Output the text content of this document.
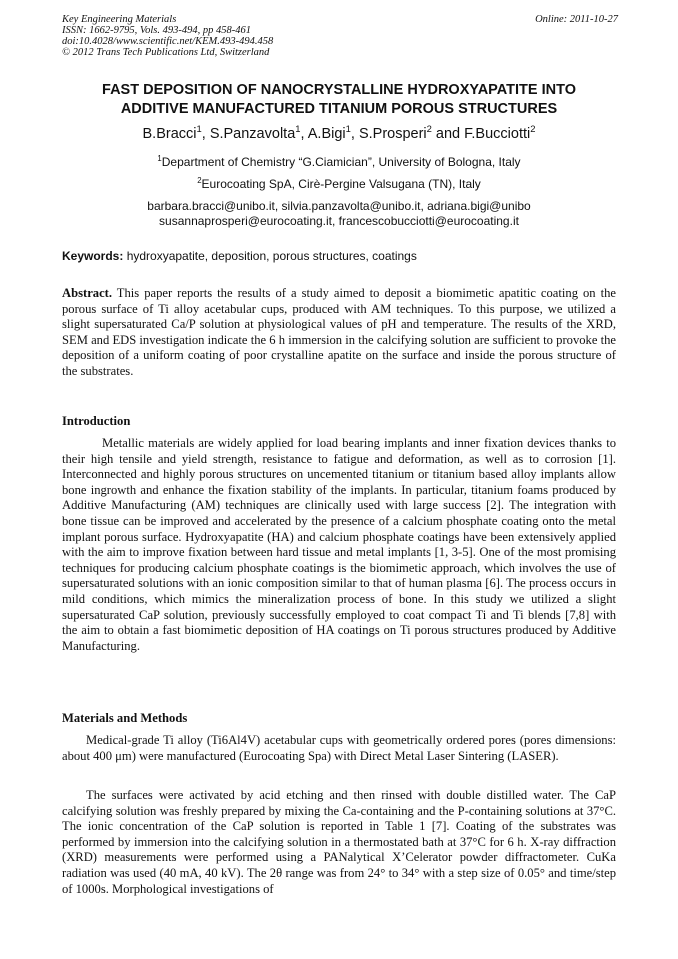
Key Engineering Materials
ISSN: 1662-9795, Vols. 493-494, pp 458-461
doi:10.4028/www.scientific.net/KEM.493-494.458
© 2012 Trans Tech Publications Ltd, Switzerland
Online: 2011-10-27
FAST DEPOSITION OF NANOCRYSTALLINE HYDROXYAPATITE INTO
ADDITIVE MANUFACTURED TITANIUM POROUS STRUCTURES
B.Bracci$^1$, S.Panzavolta$^1$, A.Bigi$^1$, S.Prosperi$^2$ and F.Bucciotti$^2$
$^1$Department of Chemistry “G.Ciamician”, University of Bologna, Italy
$^2$Eurocoating SpA, Cirè-Pergine Valsugana (TN), Italy
barbara.bracci@unibo.it, silvia.panzavolta@unibo.it, adriana.bigi@unibo
susannaprosperi@eurocoating.it, francescobucciotti@eurocoating.it
Keywords: hydroxyapatite, deposition, porous structures, coatings
Abstract. This paper reports the results of a study aimed to deposit a biomimetic apatitic coating on the porous surface of Ti alloy acetabular cups, produced with AM techniques. To this purpose, we utilized a slight supersaturated Ca/P solution at physiological values of pH and temperature. The results of the XRD, SEM and EDS investigation indicate the 6 h immersion in the calcifying solution are sufficient to provoke the deposition of a uniform coating of poor crystalline apatite on the surface and inside the porous structure of the substrates.
Introduction
Metallic materials are widely applied for load bearing implants and inner fixation devices thanks to their high tensile and yield strength, resistance to fatigue and deformation, as well as to corrosion [1]. Interconnected and highly porous structures on uncemented titanium or titanium based alloy implants allow bone ingrowth and enhance the fixation stability of the implants. In particular, titanium foams produced by Additive Manufacturing (AM) techniques are clinically used with large success [2]. The integration with bone tissue can be improved and accelerated by the presence of a calcium phosphate coating onto the metal implant porous surface. Hydroxyapatite (HA) and calcium phosphate coatings have been extensively applied with the aim to improve fixation between hard tissue and metal implants [1, 3-5]. One of the most promising techniques for producing calcium phosphate coatings is the biomimetic approach, which involves the use of supersaturated solutions with an ionic composition similar to that of human plasma [6]. The process occurs in mild conditions, which mimics the mineralization process of bone. In this study we utilized a slight supersaturated CaP solution, previously successfully employed to coat compact Ti and Ti blends [7,8] with the aim to obtain a fast biomimetic deposition of HA coatings on Ti porous structures produced by Additive Manufacturing.
Materials and Methods
Medical-grade Ti alloy (Ti6Al4V) acetabular cups with geometrically ordered pores (pores dimensions: about 400 μm) were manufactured (Eurocoating Spa) with Direct Metal Laser Sintering (LASER).
The surfaces were activated by acid etching and then rinsed with double distilled water. The CaP calcifying solution was freshly prepared by mixing the Ca-containing and the P-containing solutions at 37°C. The ionic concentration of the CaP solution is reported in Table 1 [7]. Coating of the substrates was performed by immersion into the calcifying solution in a thermostated bath at 37°C for 6 h. X-ray diffraction (XRD) measurements were performed using a PANalytical X’Celerator powder diffractometer. CuKa radiation was used (40 mA, 40 kV). The 2θ range was from 24° to 34° with a step size of 0.05° and time/step of 1000s. Morphological investigations of
